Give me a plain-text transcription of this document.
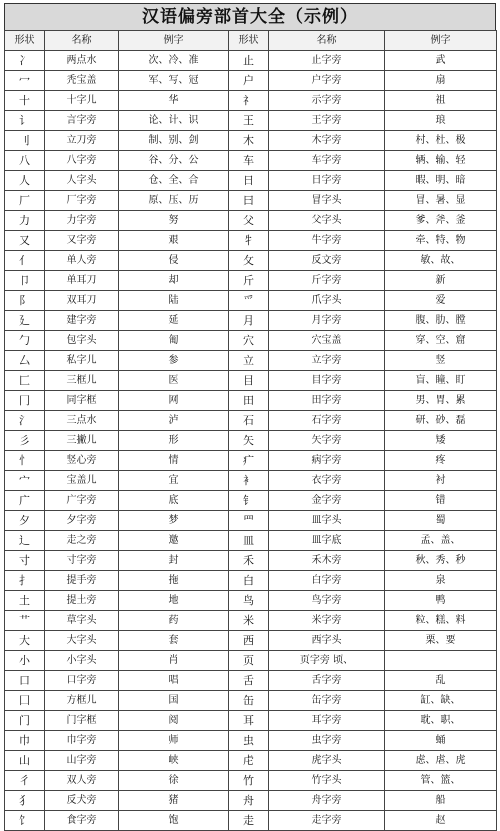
汉语偏旁部首大全（示例）
形状	名称	例字	形状	名称	例字
冫	两点水	次、冷、准	止	止字旁	武
冖	秃宝盖	军、写、冠	户	户字旁	扇
十	十字儿	华	礻	示字旁	祖
讠	言字旁	论、计、识	王	王字旁	琅
刂	立刀旁	制、别、剑	木	木字旁	村、杜、极
八	八字旁	谷、分、公	车	车字旁	辆、输、轻
人	人字头	仓、全、合	日	日字旁	暇、明、暗
厂	厂字旁	原、压、历	曰	冒字头	冒、暑、显
力	力字旁	努	父	父字头	爹、斧、釜
又	又字旁	艰	牜	牛字旁	牵、特、物
亻	单人旁	侵	攵	反文旁	敏、故、
卩	单耳刀	却	斤	斤字旁	新
阝	双耳刀	陆	爫	爪字头	爱
廴	建字旁	延	月	月字旁	腹、肋、膛
勹	包字头	匍	穴	穴宝盖	穿、空、窟
厶	私字儿	参	立	立字旁	竖
匚	三框儿	医	目	目字旁	盲、瞳、盯
冂	同字框	网	田	田字旁	男、胃、累
氵	三点水	泸	石	石字旁	研、砂、磊
彡	三撇儿	形	矢	矢字旁	矮
忄	竖心旁	情	疒	病字旁	疼
宀	宝盖儿	宜	衤	衣字旁	衬
广	广字旁	底	钅	金字旁	错
夕	夕字旁	梦	罒	皿字头	蜀
辶	走之旁	邀	皿	皿字底	孟、盖、
寸	寸字旁	封	禾	禾木旁	秋、秀、秒
扌	提手旁	拖	白	白字旁	泉
土	提土旁	地	鸟	鸟字旁	鸭
艹	草字头	药	米	米字旁	粒、糕、料
大	大字头	套	西	西字头	栗、要
小	小字头	肖	页	页字旁 顷、	
口	口字旁	唱	舌	舌字旁	乱
囗	方框儿	国	缶	缶字旁	缸、缺、
门	门字框	阅	耳	耳字旁	耽、职、
巾	巾字旁	师	虫	虫字旁	蛹
山	山字旁	峡	虍	虎字头	虑、虐、虎
彳	双人旁	徐	竹	竹字头	管、篮、
犭	反犬旁	猪	舟	舟字旁	船
饣	食字旁	饱	走	走字旁	赵
